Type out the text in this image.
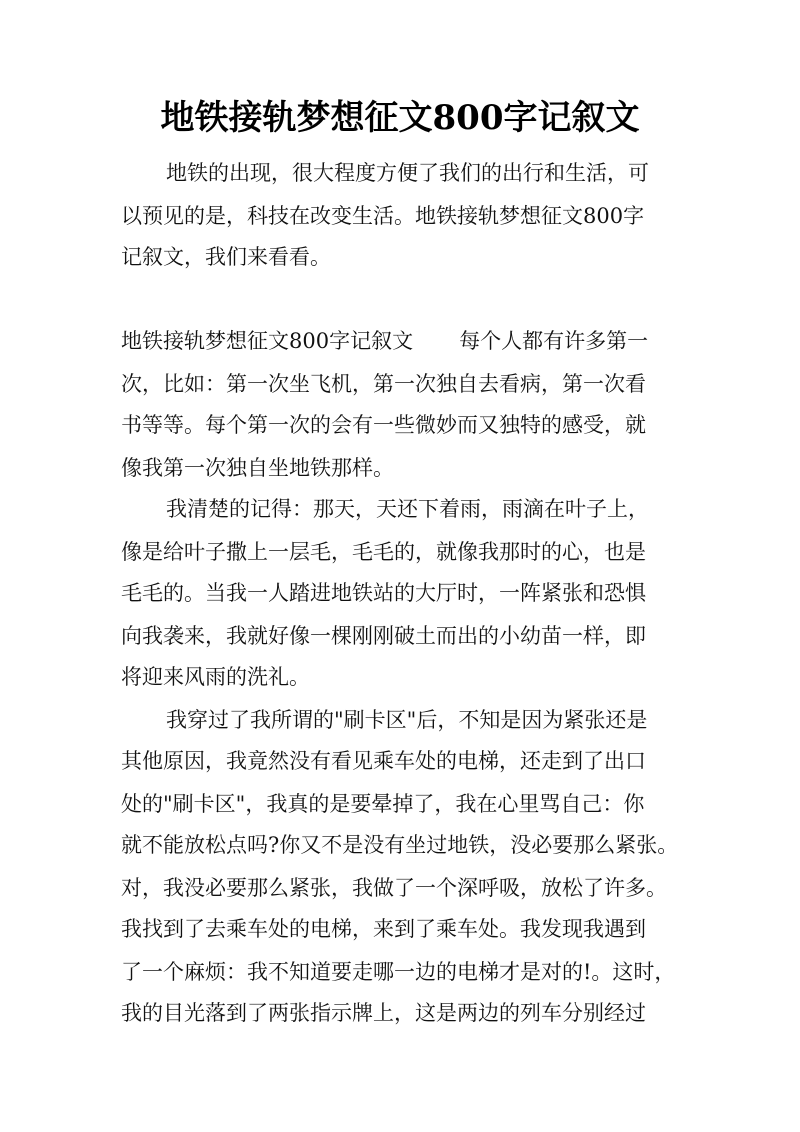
地铁接轨梦想征文800字记叙文
地铁的出现，很大程度方便了我们的出行和生活，可
以预见的是，科技在改变生活。地铁接轨梦想征文800字
记叙文，我们来看看。
地铁接轨梦想征文800字记叙文 每个人都有许多第一
次，比如：第一次坐飞机，第一次独自去看病，第一次看
书等等。每个第一次的会有一些微妙而又独特的感受，就
像我第一次独自坐地铁那样。
我清楚的记得：那天，天还下着雨，雨滴在叶子上，
像是给叶子撒上一层毛，毛毛的，就像我那时的心，也是
毛毛的。当我一人踏进地铁站的大厅时，一阵紧张和恐惧
向我袭来，我就好像一棵刚刚破土而出的小幼苗一样，即
将迎来风雨的洗礼。
我穿过了我所谓的"刷卡区"后，不知是因为紧张还是
其他原因，我竟然没有看见乘车处的电梯，还走到了出口
处的"刷卡区"，我真的是要晕掉了，我在心里骂自己：你
就不能放松点吗?你又不是没有坐过地铁，没必要那么紧张。
对，我没必要那么紧张，我做了一个深呼吸，放松了许多。
我找到了去乘车处的电梯，来到了乘车处。我发现我遇到
了一个麻烦：我不知道要走哪一边的电梯才是对的!。这时，
我的目光落到了两张指示牌上，这是两边的列车分别经过
